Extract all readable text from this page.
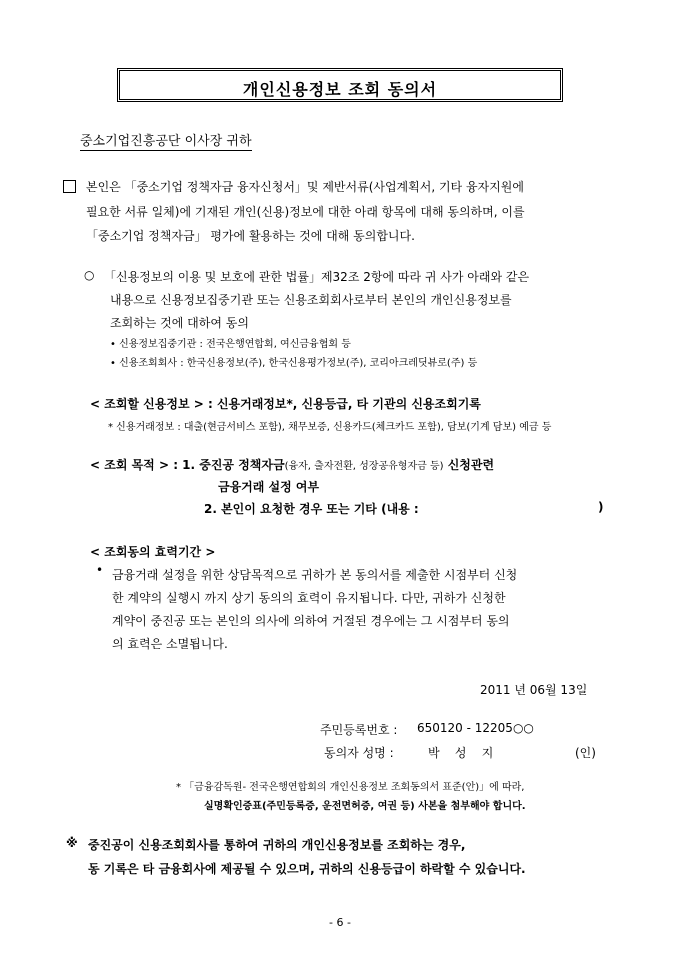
개인신용정보 조회 동의서
중소기업진흥공단 이사장 귀하
본인은 「중소기업 정책자금 융자신청서」및 제반서류(사업계획서, 기타 융자지원에
필요한 서류 일체)에 기재된 개인(신용)정보에 대한 아래 항목에 대해 동의하며, 이를
「중소기업 정책자금」 평가에 활용하는 것에 대해 동의합니다.
○ 「신용정보의 이용 및 보호에 관한 법률」제32조 2항에 따라 귀 사가 아래와 같은
내용으로 신용정보집중기관 또는 신용조회회사로부터 본인의 개인신용정보를
조회하는 것에 대하여 동의
• 신용정보집중기관 : 전국은행연합회, 여신금융협회 등
• 신용조회회사 : 한국신용정보(주), 한국신용평가정보(주), 코리아크레딧뷰로(주) 등
< 조회할 신용정보 > : 신용거래정보*, 신용등급, 타 기관의 신용조회기록
* 신용거래정보 : 대출(현금서비스 포함), 채무보증, 신용카드(체크카드 포함), 담보(기계 담보) 예금 등
< 조회 목적 > : 1. 중진공 정책자금(융자, 출자전환, 성장공유형자금 등) 신청관련
금융거래 설정 여부
2. 본인이 요청한 경우 또는 기타 (내용 :	)
< 조회동의 효력기간 >
• 금융거래 설정을 위한 상담목적으로 귀하가 본 동의서를 제출한 시점부터 신청
한 계약의 실행시 까지 상기 동의의 효력이 유지됩니다. 다만, 귀하가 신청한
계약이 중진공 또는 본인의 의사에 의하여 거절된 경우에는 그 시점부터 동의
의 효력은 소멸됩니다.
2011 년 06월 13일
주민등록번호 : 650120 - 12205○○
동의자 성명 :	박    성    지	(인)
* 「금융감독원- 전국은행연합회의 개인신용정보 조회동의서 표준(안)」에 따라,
실명확인증표(주민등록증, 운전면허증, 여권 등) 사본을 첨부해야 합니다.
※ 중진공이 신용조회회사를 통하여 귀하의 개인신용정보를 조회하는 경우,
동 기록은 타 금융회사에 제공될 수 있으며, 귀하의 신용등급이 하락할 수 있습니다.
- 6 -
